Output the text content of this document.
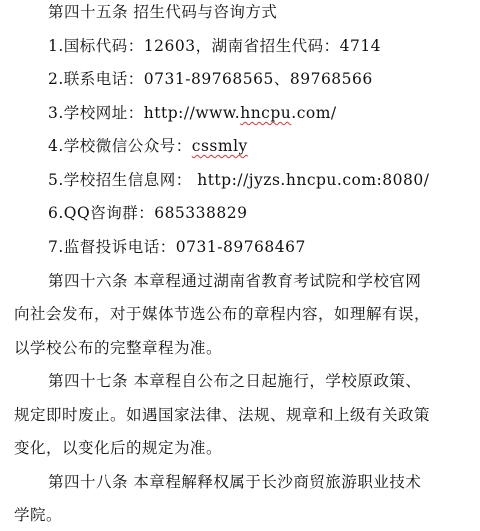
第四十五条 招生代码与咨询方式
1.国标代码：12603，湖南省招生代码：4714
2.联系电话：0731-89768565、89768566
3.学校网址：http://www.hncpu.com/
4.学校微信公众号：cssmly
5.学校招生信息网： http://jyzs.hncpu.com:8080/
6.QQ咨询群：685338829
7.监督投诉电话：0731-89768467
第四十六条 本章程通过湖南省教育考试院和学校官网
向社会发布，对于媒体节选公布的章程内容，如理解有误，
以学校公布的完整章程为准。
第四十七条 本章程自公布之日起施行，学校原政策、
规定即时废止。如遇国家法律、法规、规章和上级有关政策
变化，以变化后的规定为准。
第四十八条 本章程解释权属于长沙商贸旅游职业技术
学院。
